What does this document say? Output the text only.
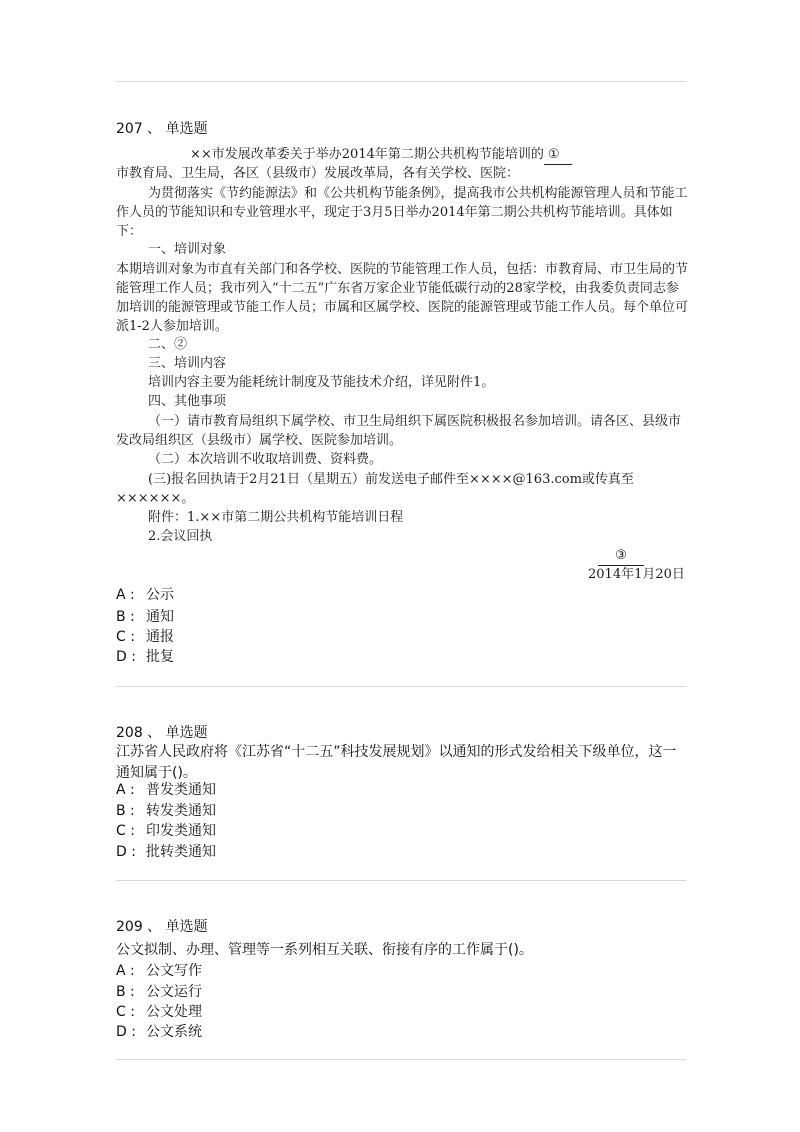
207 、 单选题
××市发展改革委关于举办2014年第二期公共机构节能培训的 ①
市教育局、卫生局，各区（县级市）发展改革局，各有关学校、医院：
为贯彻落实《节约能源法》和《公共机构节能条例》，提高我市公共机构能源管理人员和节能工作人员的节能知识和专业管理水平，现定于3月5日举办2014年第二期公共机构节能培训。具体如下：
一、培训对象
本期培训对象为市直有关部门和各学校、医院的节能管理工作人员，包括：市教育局、市卫生局的节能管理工作人员；我市列入“十二五”广东省万家企业节能低碳行动的28家学校，由我委负责同志参加培训的能源管理或节能工作人员；市属和区属学校、医院的能源管理或节能工作人员。每个单位可派1-2人参加培训。
二、②
三、培训内容
培训内容主要为能耗统计制度及节能技术介绍，详见附件1。
四、其他事项
（一）请市教育局组织下属学校、市卫生局组织下属医院积极报名参加培训。请各区、县级市发改局组织区（县级市）属学校、医院参加培训。
（二）本次培训不收取培训费、资料费。
(三)报名回执请于2月21日（星期五）前发送电子邮件至××××@163.com或传真至××××××。
附件：1.××市第二期公共机构节能培训日程
2.会议回执
③
2014年1月20日
A : 公示
B : 通知
C : 通报
D : 批复
208 、 单选题
江苏省人民政府将《江苏省“十二五”科技发展规划》以通知的形式发给相关下级单位，这一通知属于()。
A : 普发类通知
B : 转发类通知
C : 印发类通知
D : 批转类通知
209 、 单选题
公文拟制、办理、管理等一系列相互关联、衔接有序的工作属于()。
A : 公文写作
B : 公文运行
C : 公文处理
D : 公文系统
